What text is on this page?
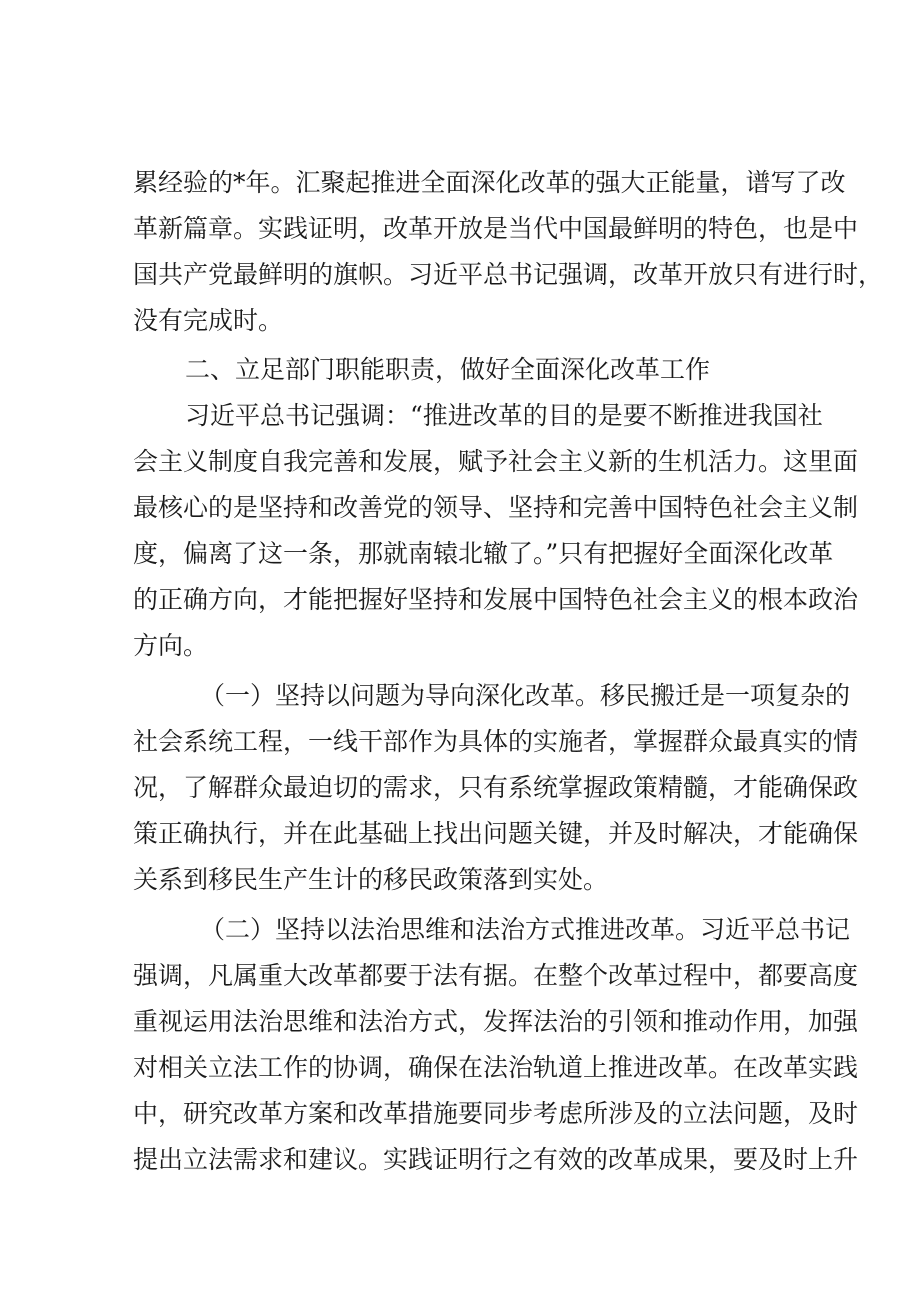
累经验的*年。汇聚起推进全面深化改革的强大正能量，谱写了改
革新篇章。实践证明，改革开放是当代中国最鲜明的特色，也是中
国共产党最鲜明的旗帜。习近平总书记强调，改革开放只有进行时，
没有完成时。
二、立足部门职能职责，做好全面深化改革工作
习近平总书记强调：“推进改革的目的是要不断推进我国社
会主义制度自我完善和发展，赋予社会主义新的生机活力。这里面
最核心的是坚持和改善党的领导、坚持和完善中国特色社会主义制
度，偏离了这一条，那就南辕北辙了。”只有把握好全面深化改革
的正确方向，才能把握好坚持和发展中国特色社会主义的根本政治
方向。
（一）坚持以问题为导向深化改革。移民搬迁是一项复杂的
社会系统工程，一线干部作为具体的实施者，掌握群众最真实的情
况，了解群众最迫切的需求，只有系统掌握政策精髓，才能确保政
策正确执行，并在此基础上找出问题关键，并及时解决，才能确保
关系到移民生产生计的移民政策落到实处。
（二）坚持以法治思维和法治方式推进改革。习近平总书记
强调，凡属重大改革都要于法有据。在整个改革过程中，都要高度
重视运用法治思维和法治方式，发挥法治的引领和推动作用，加强
对相关立法工作的协调，确保在法治轨道上推进改革。在改革实践
中，研究改革方案和改革措施要同步考虑所涉及的立法问题，及时
提出立法需求和建议。实践证明行之有效的改革成果，要及时上升
